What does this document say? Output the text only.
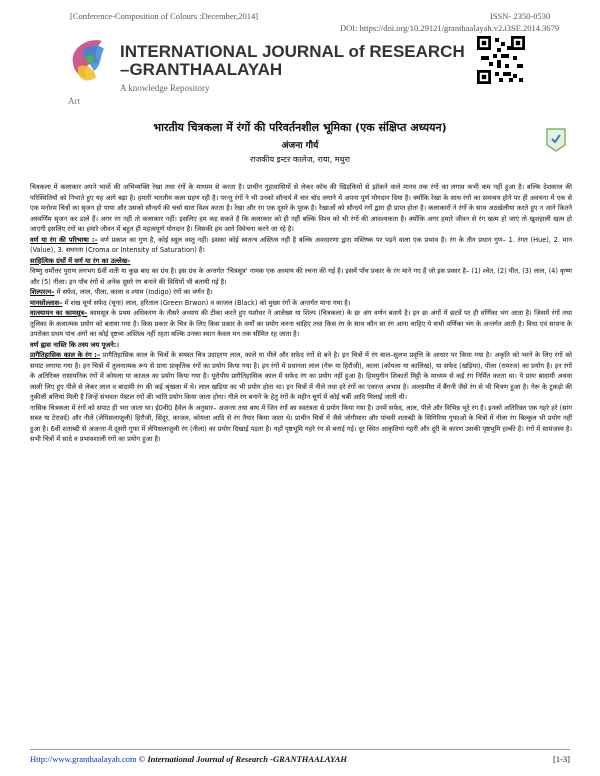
[Conference-Composition of Colours :December,2014]	ISSN- 2350-0530
DOI: https://doi.org/10.29121/granthaalayah.v2.i3SE.2014.3679
Art
INTERNATIONAL JOURNAL of RESEARCH
–GRANTHAALAYAH
A knowledge Repository
भारतीय चित्रकला में रंगों की परिवर्तनशील भूमिका (एक संक्षिप्त अध्ययन)
अंजना गौर्य
राजकीय इन्टर कालेज, राया, मथुरा

चित्रकला में कलाकार अपने भावों की अभिव्यक्ति रेखा तथा रंगों के माध्यम से करता है। प्राचीन गुहावासियों से लेकर कॉच की खिड़कियों से झॉकने वाले मानव तक रंगों का लगाव कभी कम नहीं हुआ है। बल्कि देशकाल की परिस्थितियों को निभाते हुए यह आगे बढ़ा है। हमारी भारतीय कला ग्रहण रही है। परन्तु रंगों ने भी उनको सौन्दर्य में चार चॉद लगाने में अपना पूर्ण योगदान दिया है। क्योंकि रेखा के साथ रंगों का समन्वय होने पर ही अवचना में एक से एक मनोरम चित्रों का सृजन हो पाया और उसको सौन्दर्य की चर्चा सारा विश्व करता है। रेखा और रंग एक दूसरे के पूरक है। रेखाओं को सौन्दर्य रंगों द्वारा ही प्राप्त होता है। कलाकारों ने रंगों के साथ अठखेलीया करते हुए न जाने कितने अस्वर्णिम सृजन कर डाले हैं। अगर रंग नहीं तो कलाकार नहीं। इसलिए हम कह सकते है कि कलाकार को ही नहीं बल्कि विश्व को भी रंगों की आवश्यकता है। क्योंकि अगर हमारे जीवन से रंग खत्म हो जाएं तो खुशहाली खत्म हो जाएगी इसलिए रंगों का हमारे जीवन में बहुत ही महत्वपूर्ण योगदान है। जिसकी हम आगे विवेचना करने जा रहे है।

वर्ण या रंग की परिभाषा :– वर्ण प्रकाश का गुण है, कोई स्थूल वस्तु नहीं। इसका कोई स्वतन्त्र अस्तित्व नहीं है बल्कि अवधारणा द्वारा मस्तिष्क पर पड़ने वाला एक प्रभाव है। रंग के तीन प्रधान गुण– 1. रंगत (Hue), 2. मान (Value), 3. सघनता (Croma or Intensity of Saturation) है।

साहित्यिक ग्रंथों में वर्ण या रंग का उल्लेख–

विष्णु धर्मोत्तर पुराण लगभग 6वीं शती या कुछ बाद का ग्रंथ है। इस ग्रंथ के अन्तर्गत 'चित्रसूत्र' नामक एक अध्याय की रचना की गई है। इसमें पाँच प्रकार के रंग माने गए हैं जो इस प्रकार है– (1) श्वेत, (2) पीत, (3) लाल, (4) कृष्ण और (5) नीला। इन पाँच रंगों से अनेक दूसरे रंग बनाने की विधियों भी बतायी गई है।

शिल्परत्न– में सफेद, लाल, पीला, काला व श्याम (Indigo) रंगों का वर्णन है।

मानसोल्लास– में शंख चूर्ण सफेद (चूना) लाल, हरिताल (Green Brwon) व काजल (Black) को मुख्य रंगों के अन्तर्गत माना गया है।

वात्स्यायन का कामसूत्र– कामसूत्र के प्रथम अधिकरण के तीसरे अध्याय की टीका करते हुए यशोधर ने आलेख्य या शिल्प (चित्रकला) के छः अंग वर्णन बताये है। इन छः अंगों में छटवें पर ही वर्णिका भंग आता है। जिसमें रंगों तथा तूलिका के कलात्मक प्रयोग को बताया गया है। किस प्रकार के चित्र के लिए किस प्रकार के वर्णों का प्रयोग करना चाहिए तथा किस रंग के साथ कौन सा रंग आना चाहिए ये सभी वर्णिका भंग के अन्तर्गत आती है। विधा एवं साधना के उपरोक्त प्रथम पांच अंगों का कोई दृष्टव्य अस्तित्व नहीं रहता बल्कि उनका स्थान केवल मन तक सीमित रह जाता है।

वर्ण ह्वास नास्ति कि तस्य जय पूजने:।

प्रागैतिहासिक काल के रंग :– प्रागैतिहासिक काल के चित्रों के समस्त चित्र उदाहरण लाल, काले या पीले और सफेद रंगों से बने है। इन चित्रों में रंग बाल–सुलभ प्रवृत्ति के आधार पर किया गया है। अकृति को भरने के लिए रंगों को सपाट लगाया गया है। इन चित्रों में तुलनात्मक रूप से प्रायः प्राकृतिक रंगों का प्रयोग किया गया है। इन रंगों में प्रधानता लाल (गेरू या हिरौजी), काला (कोयला या कालिख), या सफेद (खड़िया), पीला (रामरज) का प्रयोग है। इन रंगों के अतिरिक्त रासायनिक रंगों में कोयला या काजल का प्रयोग किया गया है। यूरोपीय प्रागैतिहासिक काल में सफेद रंग का प्रयोग नहीं हुआ है। हिमयुगीन शिकारों मिट्टी के माध्यम से कई रंग निर्मित करता था। ये प्रायः बादामी अथवा लाली लिए हुए पीले से लेकर लाल व बादामी रंग की कई श्रृंखला में थे। लाल खड़िया का भी प्रयोग होता था। इन चित्रों में नीले तथा हरे रंगों का एकान्त अभाव है। अल्तामीरा में बैंगनी जैसे रंग से भी चित्रण हुआ है। गेरू के टुकड़ो की नुकीली बत्तियां मिली है जिन्हें संभवतः पेस्टल रंगों की भांति प्रयोग किया जाता होगा। गीले रंग बनाने के हेतु रंगों के महीन चूर्ण में कोई चर्बी आदि मिलाई जाती थी।

नासिक चित्रकला में रंगों को सपाट ही भरा जाता था। ई0वी0 हैवेल के अनुसार– अजन्ता तथा बाघ में जिन रंगों का स्वतंत्रता से प्रयोग किया गया है। उनमें सफेद, लाल, पीले और विभिन्न भूरे रंग है। इनको अतिरिक्त एक गहरे हरे (सांग सब्ज या टेरावर्द) और नीले (लेपिसलाजुली) हिरौजी, सिंदूर, काजल, कोयला आदि से रंग तैयार किया जाता थे। प्राचीन चित्रों में जैसे जोगीमारा और पांचवी शताब्दी के सिगिरिया गुफाओं के चित्रों में नीला रंग बिल्कुल भी प्रयोग नहीं हुआ है। 6वीं शताब्दी से अजन्ता में दूसरी गुफा में लेपिसलाजुली रंग (नीला) का प्रयोग दिखाई पड़ता है। यहाँ पृष्ठभूमि गहरे रंग से बनाई गई। दूर स्थित आकृतियां गहरी और दूरी के कारण उसकी पृष्ठभूमि हल्की है। रंगों में सामंजस्य है। सभी चित्रों में सादे व प्रभावशाली रंगों का प्रयोग हुआ है।

Http://www.granthaalayah.com © International Journal of Research -GRANTHAALAYAH	[1-3]
